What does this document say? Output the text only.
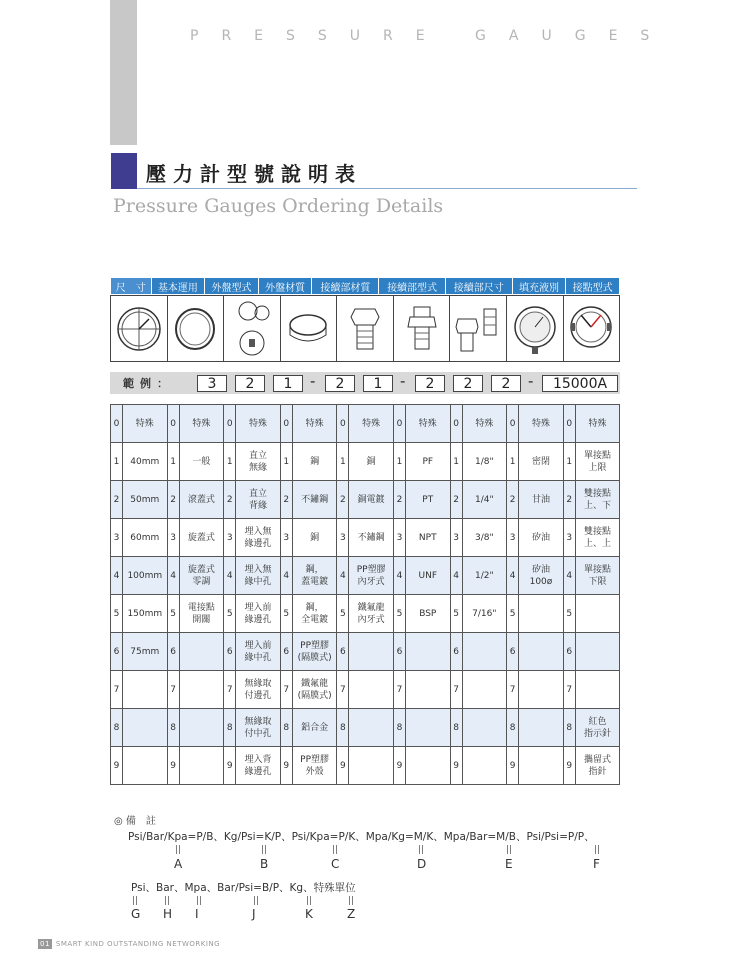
PRESSURE GAUGES
壓力計型號說明表
Pressure Gauges Ordering Details
尺　寸	基本運用	外盤型式	外盤材質	接續部材質	接續部型式	接續部尺寸	填充液別	接點型式
範例：	3	2	1	-	2	1	-	2	2	2	-	15000A
0	特殊	0	特殊	0	特殊	0	特殊	0	特殊	0	特殊	0	特殊	0	特殊	0	特殊
1	40mm	1	一般	1	直立
無緣	1	鋼	1	銅	1	PF	1	1/8"	1	密閉	1	單接點
上限
2	50mm	2	滾蓋式	2	直立
背緣	2	不鏽鋼	2	銅電鍍	2	PT	2	1/4"	2	甘油	2	雙接點
上、下
3	60mm	3	旋蓋式	3	埋入無
緣邊孔	3	銅	3	不鏽鋼	3	NPT	3	3/8"	3	矽油	3	雙接點
上、上
4	100mm	4	旋蓋式
零調	4	埋入無
緣中孔	4	鋼，
蓋電鍍	4	PP塑膠
內牙式	4	UNF	4	1/2"	4	矽油
100ø	4	單接點
下限
5	150mm	5	電接點
開關	5	埋入前
緣邊孔	5	鋼，
全電鍍	5	鐵氟龍
內牙式	5	BSP	5	7/16"	5		5	
6	75mm	6		6	埋入前
緣中孔	6	PP塑膠
(隔膜式)	6		6		6		6		6	
7		7		7	無緣取
付邊孔	7	鐵氟龍
(隔膜式)	7		7		7		7		7	
8		8		8	無緣取
付中孔	8	鋁合金	8		8		8		8		8	紅色
指示針
9		9		9	埋入背
緣邊孔	9	PP塑膠
外殼	9		9		9		9		9	攜留式
指針
◎ 備　註
Psi/Bar/Kpa=P/B、Kg/Psi=K/P、Psi/Kpa=P/K、Mpa/Kg=M/K、Mpa/Bar=M/B、Psi/Psi=P/P、
||
A
||
B
||
C
||
D
||
E
||
F
Psi、Bar、Mpa、Bar/Psi=B/P、Kg、特殊單位
||
G
||
H
||
I
||
J
||
K
||
Z
01 SMART KIND OUTSTANDING NETWORKING
